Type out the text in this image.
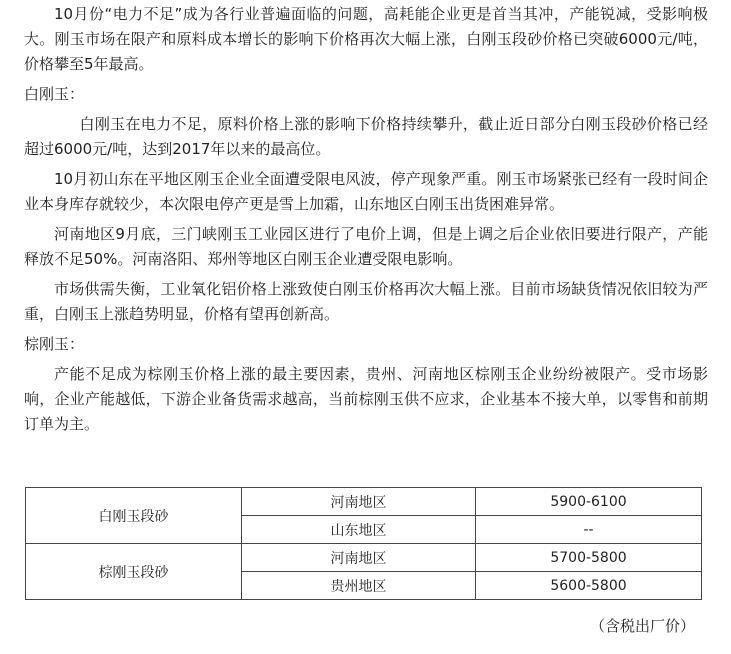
10月份“电力不足”成为各行业普遍面临的问题，高耗能企业更是首当其冲，产能锐减，受影响极大。刚玉市场在限产和原料成本增长的影响下价格再次大幅上涨，白刚玉段砂价格已突破6000元/吨，价格攀至5年最高。

白刚玉：

白刚玉在电力不足，原料价格上涨的影响下价格持续攀升，截止近日部分白刚玉段砂价格已经超过6000元/吨，达到2017年以来的最高位。

10月初山东在平地区刚玉企业全面遭受限电风波，停产现象严重。刚玉市场紧张已经有一段时间企业本身库存就较少，本次限电停产更是雪上加霜，山东地区白刚玉出货困难异常。

河南地区9月底，三门峡刚玉工业园区进行了电价上调，但是上调之后企业依旧要进行限产，产能释放不足50%。河南洛阳、郑州等地区白刚玉企业遭受限电影响。

市场供需失衡，工业氧化铝价格上涨致使白刚玉价格再次大幅上涨。目前市场缺货情况依旧较为严重，白刚玉上涨趋势明显，价格有望再创新高。

棕刚玉：

产能不足成为棕刚玉价格上涨的最主要因素，贵州、河南地区棕刚玉企业纷纷被限产。受市场影响，企业产能越低，下游企业备货需求越高，当前棕刚玉供不应求，企业基本不接大单，以零售和前期订单为主。

白刚玉段砂	河南地区	5900-6100
	山东地区	--
棕刚玉段砂	河南地区	5700-5800
	贵州地区	5600-5800
（含税出厂价）
